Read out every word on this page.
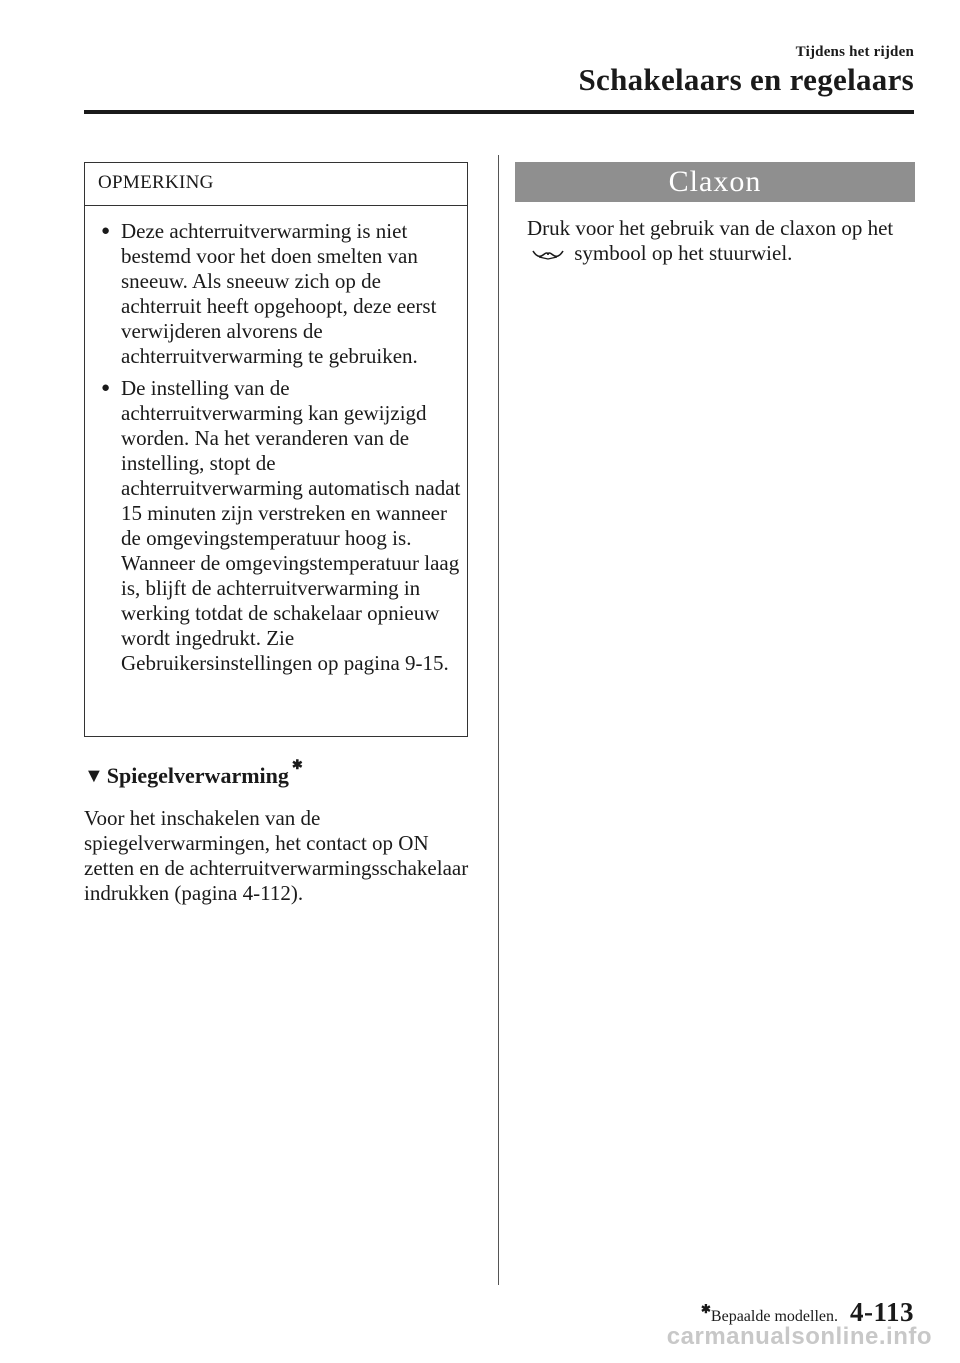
Tijdens het rijden
Schakelaars en regelaars
OPMERKING
● Deze achterruitverwarming is niet bestemd voor het doen smelten van sneeuw. Als sneeuw zich op de achterruit heeft opgehoopt, deze eerst verwijderen alvorens de achterruitverwarming te gebruiken.
● De instelling van de achterruitverwarming kan gewijzigd worden. Na het veranderen van de instelling, stopt de achterruitverwarming automatisch nadat 15 minuten zijn verstreken en wanneer de omgevingstemperatuur hoog is. Wanneer de omgevingstemperatuur laag is, blijft de achterruitverwarming in werking totdat de schakelaar opnieuw wordt ingedrukt. Zie Gebruikersinstellingen op pagina 9-15.
▼ Spiegelverwarming ✱
Voor het inschakelen van de spiegelverwarmingen, het contact op ON zetten en de achterruitverwarmingsschakelaar indrukken (pagina 4-112).
Claxon
Druk voor het gebruik van de claxon op het  symbool op het stuurwiel.
✱ Bepaalde modellen. 4-113
carmanualsonline.info
